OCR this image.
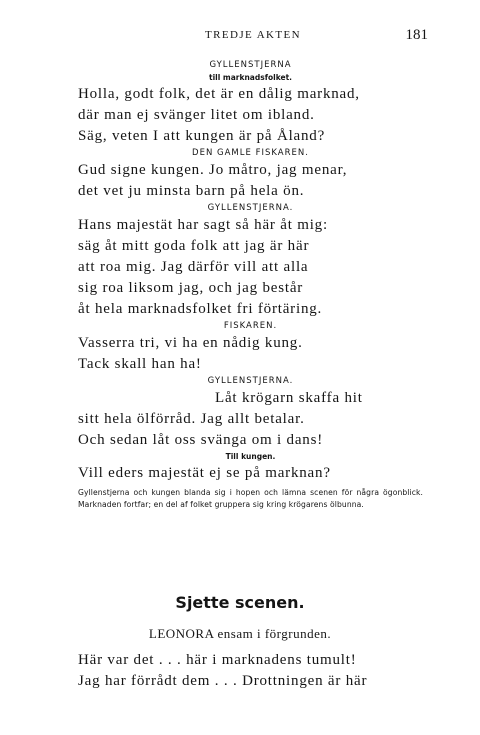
TREDJE AKTEN	181
GYLLENSTJERNA
till marknadsfolket.
Holla, godt folk, det är en dålig marknad,
där man ej svänger litet om ibland.
Säg, veten I att kungen är på Åland?
DEN GAMLE FISKAREN.
Gud signe kungen. Jo måtro, jag menar,
det vet ju minsta barn på hela ön.
GYLLENSTJERNA.
Hans majestät har sagt så här åt mig:
säg åt mitt goda folk att jag är här
att roa mig. Jag därför vill att alla
sig roa liksom jag, och jag består
åt hela marknadsfolket fri förtäring.
FISKAREN.
Vasserra tri, vi ha en nådig kung.
Tack skall han ha!
GYLLENSTJERNA.
Låt krögarn skaffa hit
sitt hela ölförråd. Jag allt betalar.
Och sedan låt oss svänga om i dans!
Till kungen.
Vill eders majestät ej se på marknan?
Gyllenstjerna och kungen blanda sig i hopen och lämna scenen för några ögonblick. Marknaden fortfar; en del af folket gruppera sig kring krögarens ölbunna.
Sjette scenen.
LEONORA ensam i förgrunden.
Här var det . . . här i marknadens tumult!
Jag har förrådt dem . . . Drottningen är här
